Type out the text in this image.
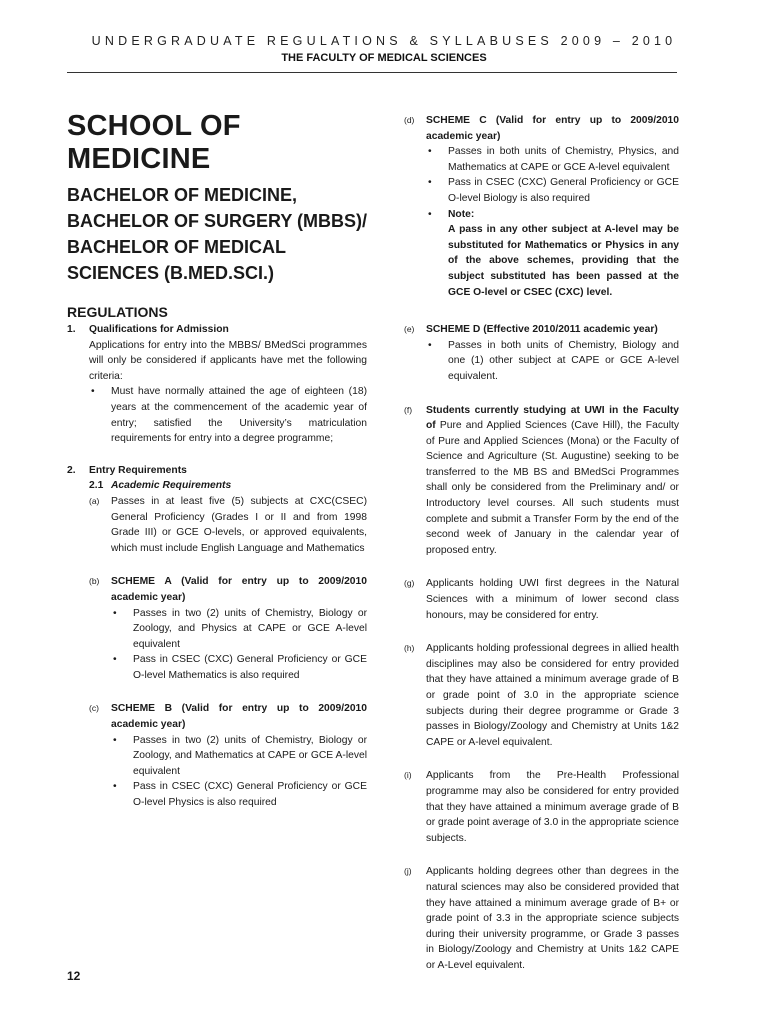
UNDERGRADUATE REGULATIONS & SYLLABUSES 2009 – 2010
THE FACULTY OF MEDICAL SCIENCES
SCHOOL OF
MEDICINE
BACHELOR OF MEDICINE, BACHELOR OF SURGERY (MBBS)/ BACHELOR OF MEDICAL SCIENCES (B.MED.SCI.)
REGULATIONS
1.	Qualifications for Admission
Applications for entry into the MBBS/ BMedSci programmes will only be considered if applicants have met the following criteria:
•	Must have normally attained the age of eighteen (18) years at the commencement of the academic year of entry; satisfied the University’s matriculation requirements for entry into a degree programme;
2.	Entry Requirements
2.1 Academic Requirements
(a)	Passes in at least five (5) subjects at CXC(CSEC) General Proficiency (Grades I or II and from 1998 Grade III) or GCE O-levels, or approved equivalents, which must include English Language and Mathematics
(b)	SCHEME A (Valid for entry up to 2009/2010 academic year)
•	Passes in two (2) units of Chemistry, Biology or Zoology, and Physics at CAPE or GCE A-level equivalent
•	Pass in CSEC (CXC) General Proficiency or GCE O-level Mathematics is also required
(c)	SCHEME B (Valid for entry up to 2009/2010 academic year)
•	Passes in two (2) units of Chemistry, Biology or Zoology, and Mathematics at CAPE or GCE A-level equivalent
•	Pass in CSEC (CXC) General Proficiency or GCE O-level Physics is also required
(d)	SCHEME C (Valid for entry up to 2009/2010 academic year)
•	Passes in both units of Chemistry, Physics, and Mathematics at CAPE or GCE A-level equivalent
•	Pass in CSEC (CXC) General Proficiency or GCE O-level Biology is also required
•	Note:
A pass in any other subject at A-level may be substituted for Mathematics or Physics in any of the above schemes, providing that the subject substituted has been passed at the GCE O-level or CSEC (CXC) level.
(e)	SCHEME D (Effective 2010/2011 academic year)
•	Passes in both units of Chemistry, Biology and one (1) other subject at CAPE or GCE A-level equivalent.
(f)	Students currently studying at UWI in the Faculty of Pure and Applied Sciences (Cave Hill), the Faculty of Pure and Applied Sciences (Mona) or the Faculty of Science and Agriculture (St. Augustine) seeking to be transferred to the MB BS and BMedSci Programmes shall only be considered from the Preliminary and/ or Introductory level courses. All such students must complete and submit a Transfer Form by the end of the second week of January in the calendar year of proposed entry.
(g)	Applicants holding UWI first degrees in the Natural Sciences with a minimum of lower second class honours, may be considered for entry.
(h)	Applicants holding professional degrees in allied health disciplines may also be considered for entry provided that they have attained a minimum average grade of B or grade point of 3.0 in the appropriate science subjects during their degree programme or Grade 3 passes in Biology/Zoology and Chemistry at Units 1&2 CAPE or A-level equivalent.
(i)	Applicants from the Pre-Health Professional programme may also be considered for entry provided that they have attained a minimum average grade of B or grade point average of 3.0 in the appropriate science subjects.
(j)	Applicants holding degrees other than degrees in the natural sciences may also be considered provided that they have attained a minimum average grade of B+ or grade point of 3.3 in the appropriate science subjects during their university programme, or Grade 3 passes in Biology/Zoology and Chemistry at Units 1&2 CAPE or A-Level equivalent.
12
